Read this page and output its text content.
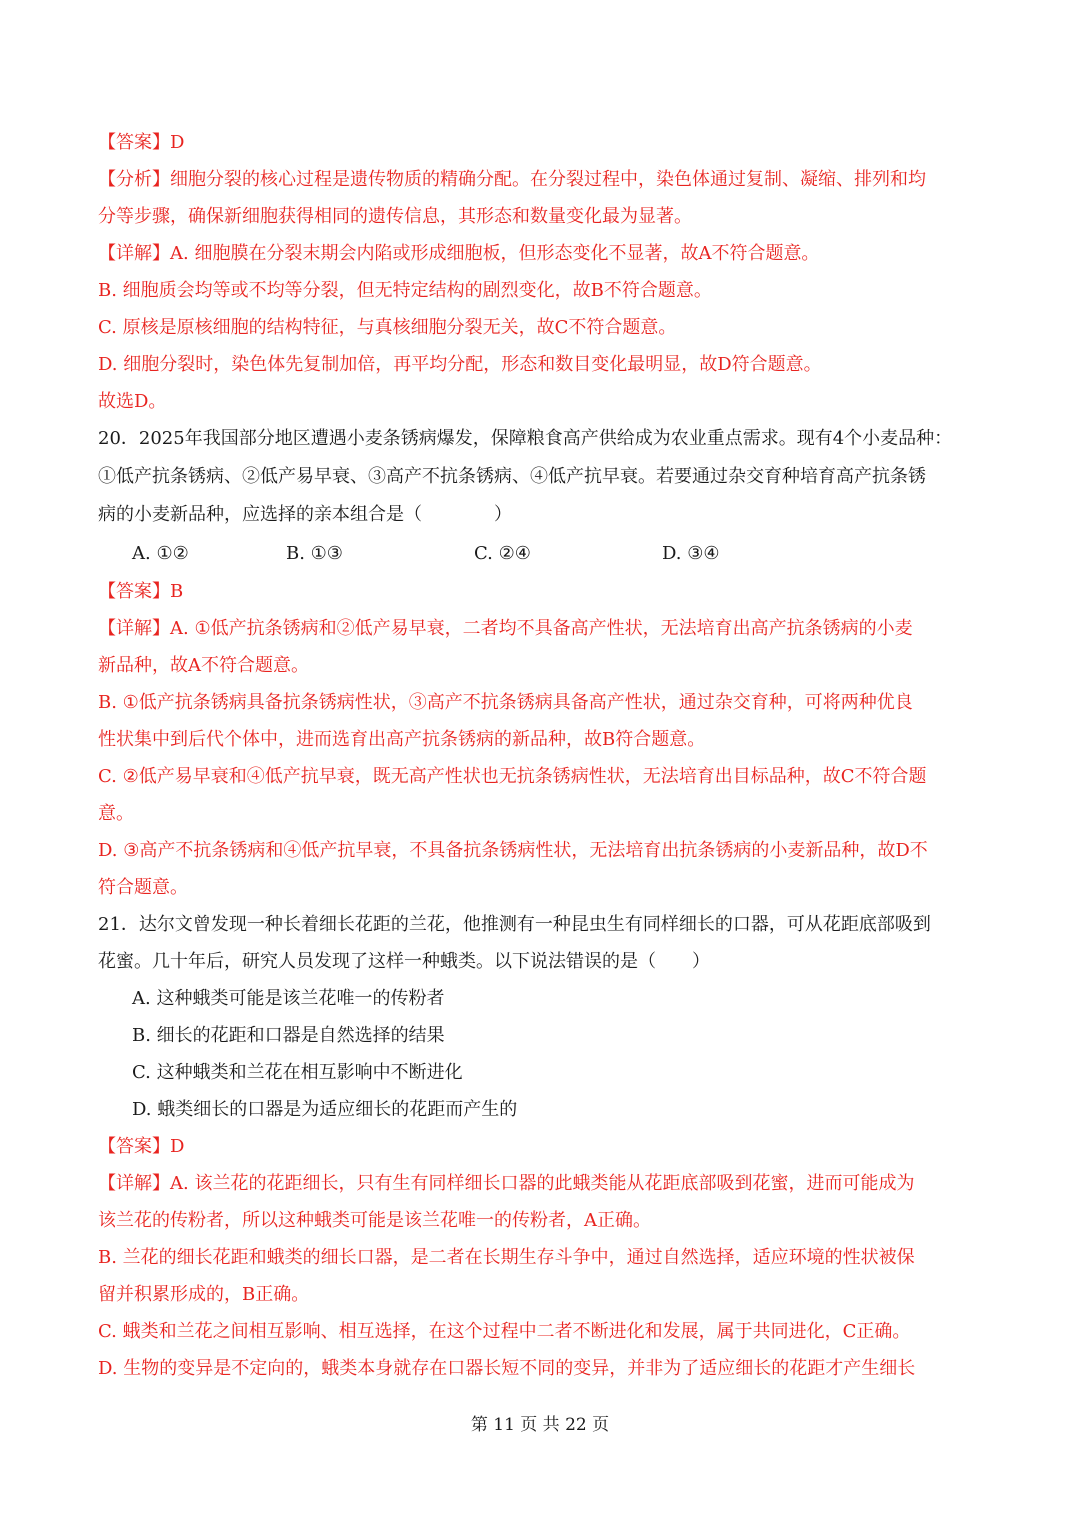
【答案】D
【分析】细胞分裂的核心过程是遗传物质的精确分配。在分裂过程中，染色体通过复制、凝缩、排列和均
分等步骤，确保新细胞获得相同的遗传信息，其形态和数量变化最为显著。
【详解】A. 细胞膜在分裂末期会内陷或形成细胞板，但形态变化不显著，故A不符合题意。
B. 细胞质会均等或不均等分裂，但无特定结构的剧烈变化，故B不符合题意。
C. 原核是原核细胞的结构特征，与真核细胞分裂无关，故C不符合题意。
D. 细胞分裂时，染色体先复制加倍，再平均分配，形态和数目变化最明显，故D符合题意。
故选D。
20．2025年我国部分地区遭遇小麦条锈病爆发，保障粮食高产供给成为农业重点需求。现有4个小麦品种：
①低产抗条锈病、②低产易早衰、③高产不抗条锈病、④低产抗早衰。若要通过杂交育种培育高产抗条锈
病的小麦新品种，应选择的亲本组合是（　　　　）
A. ①②	B. ①③	C. ②④	D. ③④
【答案】B
【详解】A. ①低产抗条锈病和②低产易早衰，二者均不具备高产性状，无法培育出高产抗条锈病的小麦
新品种，故A不符合题意。
B. ①低产抗条锈病具备抗条锈病性状，③高产不抗条锈病具备高产性状，通过杂交育种，可将两种优良
性状集中到后代个体中，进而选育出高产抗条锈病的新品种，故B符合题意。
C. ②低产易早衰和④低产抗早衰，既无高产性状也无抗条锈病性状，无法培育出目标品种，故C不符合题
意。
D. ③高产不抗条锈病和④低产抗早衰，不具备抗条锈病性状，无法培育出抗条锈病的小麦新品种，故D不
符合题意。
21．达尔文曾发现一种长着细长花距的兰花，他推测有一种昆虫生有同样细长的口器，可从花距底部吸到
花蜜。几十年后，研究人员发现了这样一种蛾类。以下说法错误的是（　　）
A. 这种蛾类可能是该兰花唯一的传粉者
B. 细长的花距和口器是自然选择的结果
C. 这种蛾类和兰花在相互影响中不断进化
D. 蛾类细长的口器是为适应细长的花距而产生的
【答案】D
【详解】A. 该兰花的花距细长，只有生有同样细长口器的此蛾类能从花距底部吸到花蜜，进而可能成为
该兰花的传粉者，所以这种蛾类可能是该兰花唯一的传粉者，A正确。
B. 兰花的细长花距和蛾类的细长口器，是二者在长期生存斗争中，通过自然选择，适应环境的性状被保
留并积累形成的，B正确。
C. 蛾类和兰花之间相互影响、相互选择，在这个过程中二者不断进化和发展，属于共同进化，C正确。
D. 生物的变异是不定向的，蛾类本身就存在口器长短不同的变异，并非为了适应细长的花距才产生细长
第 11 页 共 22 页
